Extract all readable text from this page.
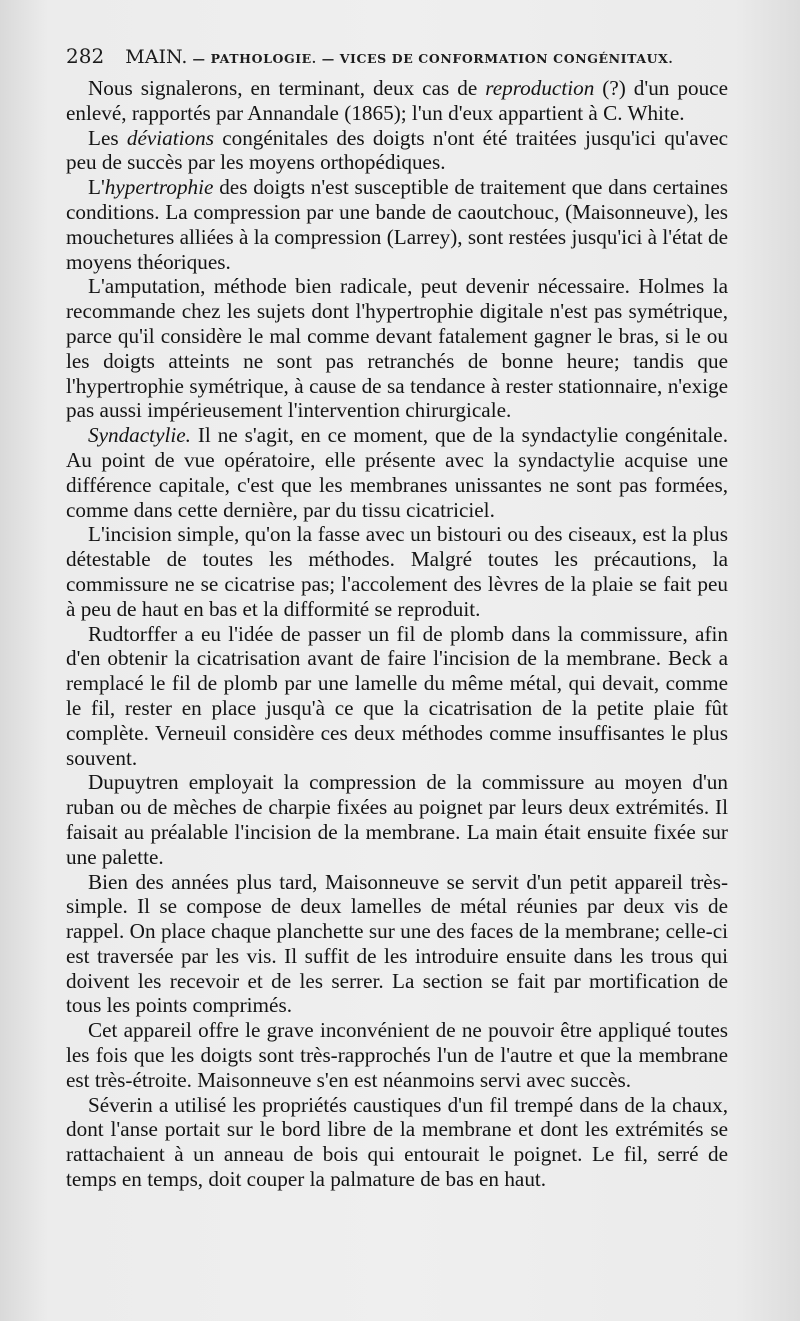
282 MAIN. — PATHOLOGIE. — VICES DE CONFORMATION CONGÉNITAUX.

Nous signalerons, en terminant, deux cas de reproduction (?) d'un pouce enlevé, rapportés par Annandale (1865); l'un d'eux appartient à C. White.

Les déviations congénitales des doigts n'ont été traitées jusqu'ici qu'avec peu de succès par les moyens orthopédiques.

L'hypertrophie des doigts n'est susceptible de traitement que dans certaines conditions. La compression par une bande de caoutchouc, (Maisonneuve), les mouchetures alliées à la compression (Larrey), sont restées jusqu'ici à l'état de moyens théoriques.

L'amputation, méthode bien radicale, peut devenir nécessaire. Holmes la recommande chez les sujets dont l'hypertrophie digitale n'est pas symétrique, parce qu'il considère le mal comme devant fatalement gagner le bras, si le ou les doigts atteints ne sont pas retranchés de bonne heure; tandis que l'hypertrophie symétrique, à cause de sa tendance à rester stationnaire, n'exige pas aussi impérieusement l'intervention chirurgicale.

Syndactylie. Il ne s'agit, en ce moment, que de la syndactylie congénitale. Au point de vue opératoire, elle présente avec la syndactylie acquise une différence capitale, c'est que les membranes unissantes ne sont pas formées, comme dans cette dernière, par du tissu cicatriciel.

L'incision simple, qu'on la fasse avec un bistouri ou des ciseaux, est la plus détestable de toutes les méthodes. Malgré toutes les précautions, la commissure ne se cicatrise pas; l'accolement des lèvres de la plaie se fait peu à peu de haut en bas et la difformité se reproduit.

Rudtorffer a eu l'idée de passer un fil de plomb dans la commissure, afin d'en obtenir la cicatrisation avant de faire l'incision de la membrane. Beck a remplacé le fil de plomb par une lamelle du même métal, qui devait, comme le fil, rester en place jusqu'à ce que la cicatrisation de la petite plaie fût complète. Verneuil considère ces deux méthodes comme insuffisantes le plus souvent.

Dupuytren employait la compression de la commissure au moyen d'un ruban ou de mèches de charpie fixées au poignet par leurs deux extrémités. Il faisait au préalable l'incision de la membrane. La main était ensuite fixée sur une palette.

Bien des années plus tard, Maisonneuve se servit d'un petit appareil très-simple. Il se compose de deux lamelles de métal réunies par deux vis de rappel. On place chaque planchette sur une des faces de la membrane; celle-ci est traversée par les vis. Il suffit de les introduire ensuite dans les trous qui doivent les recevoir et de les serrer. La section se fait par mortification de tous les points comprimés.

Cet appareil offre le grave inconvénient de ne pouvoir être appliqué toutes les fois que les doigts sont très-rapprochés l'un de l'autre et que la membrane est très-étroite. Maisonneuve s'en est néanmoins servi avec succès.

Séverin a utilisé les propriétés caustiques d'un fil trempé dans de la chaux, dont l'anse portait sur le bord libre de la membrane et dont les extrémités se rattachaient à un anneau de bois qui entourait le poignet. Le fil, serré de temps en temps, doit couper la palmature de bas en haut.
